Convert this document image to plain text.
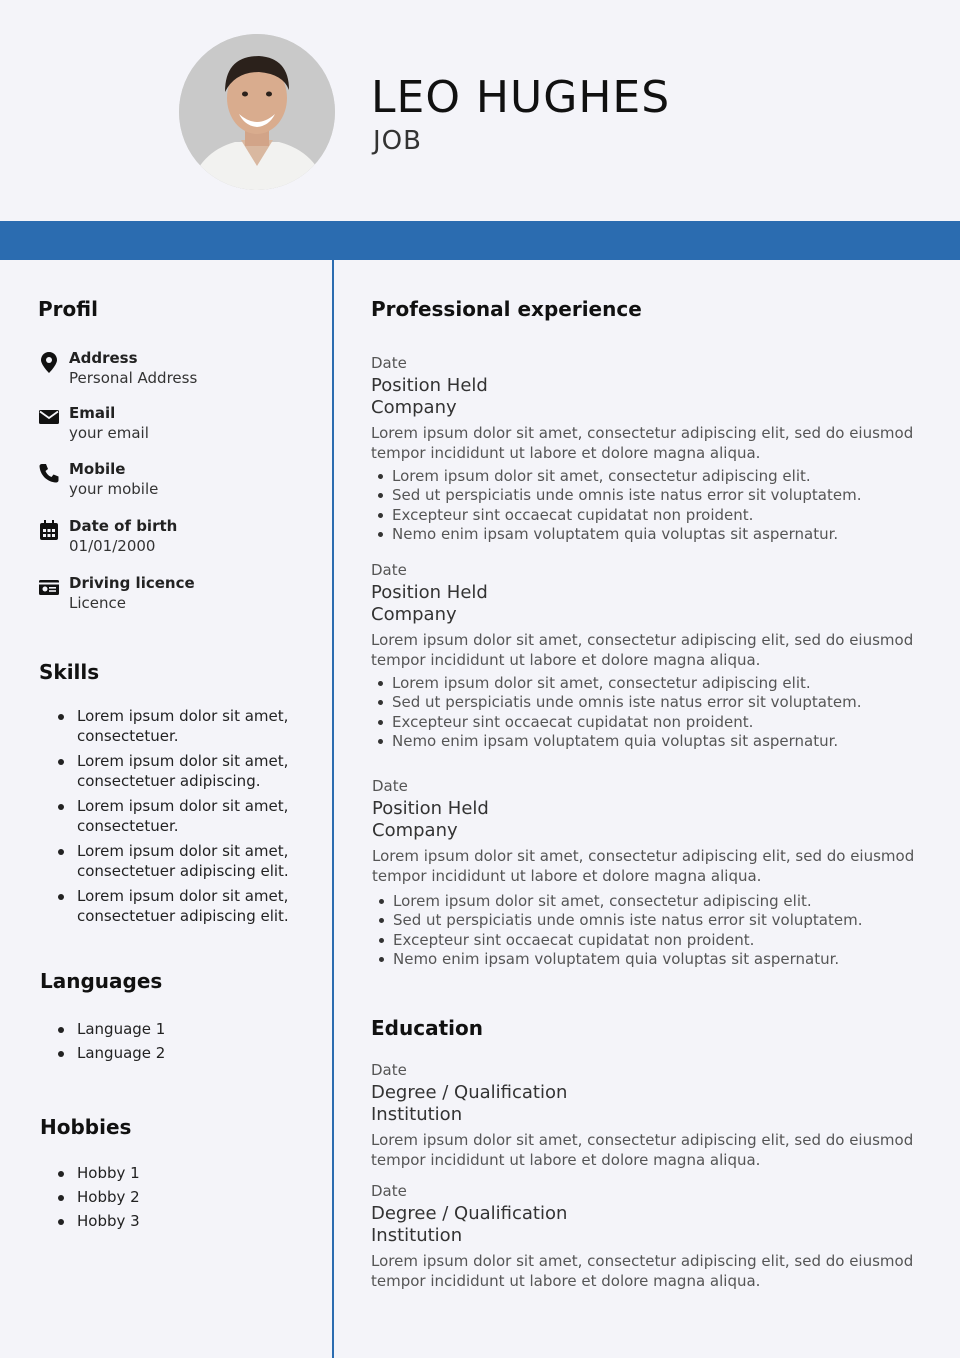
LEO HUGHES
JOB
Profil
Address
Personal Address
Email
your email
Mobile
your mobile
Date of birth
01/01/2000
Driving licence
Licence
Skills
Lorem ipsum dolor sit amet,
consectetuer.
Lorem ipsum dolor sit amet,
consectetuer adipiscing.
Lorem ipsum dolor sit amet,
consectetuer.
Lorem ipsum dolor sit amet,
consectetuer adipiscing elit.
Lorem ipsum dolor sit amet,
consectetuer adipiscing elit.
Languages
Language 1
Language 2
Hobbies
Hobby 1
Hobby 2
Hobby 3
Professional experience
Date
Position Held
Company
Lorem ipsum dolor sit amet, consectetur adipiscing elit, sed do eiusmod
tempor incididunt ut labore et dolore magna aliqua.
Lorem ipsum dolor sit amet, consectetur adipiscing elit.
Sed ut perspiciatis unde omnis iste natus error sit voluptatem.
Excepteur sint occaecat cupidatat non proident.
Nemo enim ipsam voluptatem quia voluptas sit aspernatur.
Date
Position Held
Company
Lorem ipsum dolor sit amet, consectetur adipiscing elit, sed do eiusmod
tempor incididunt ut labore et dolore magna aliqua.
Lorem ipsum dolor sit amet, consectetur adipiscing elit.
Sed ut perspiciatis unde omnis iste natus error sit voluptatem.
Excepteur sint occaecat cupidatat non proident.
Nemo enim ipsam voluptatem quia voluptas sit aspernatur.
Date
Position Held
Company
Lorem ipsum dolor sit amet, consectetur adipiscing elit, sed do eiusmod
tempor incididunt ut labore et dolore magna aliqua.
Lorem ipsum dolor sit amet, consectetur adipiscing elit.
Sed ut perspiciatis unde omnis iste natus error sit voluptatem.
Excepteur sint occaecat cupidatat non proident.
Nemo enim ipsam voluptatem quia voluptas sit aspernatur.
Education
Date
Degree / Qualification
Institution
Lorem ipsum dolor sit amet, consectetur adipiscing elit, sed do eiusmod
tempor incididunt ut labore et dolore magna aliqua.
Date
Degree / Qualification
Institution
Lorem ipsum dolor sit amet, consectetur adipiscing elit, sed do eiusmod
tempor incididunt ut labore et dolore magna aliqua.
